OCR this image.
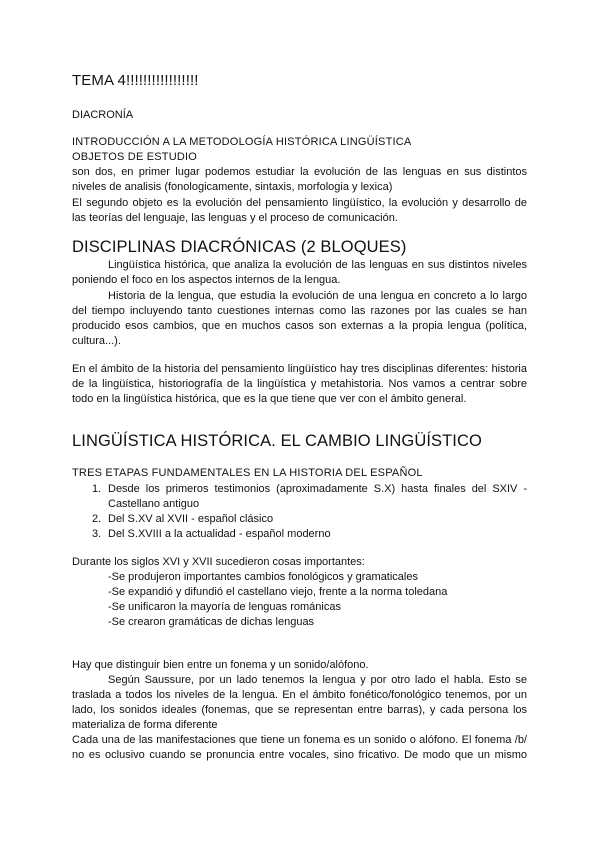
TEMA 4!!!!!!!!!!!!!!!!!
DIACRONÍA
INTRODUCCIÓN A LA METODOLOGÍA HISTÓRICA LINGÜÍSTICA
OBJETOS DE ESTUDIO
son dos, en primer lugar podemos estudiar la evolución de las lenguas en sus distintos
niveles de analisis (fonologicamente, sintaxis, morfologia y lexica)
El segundo objeto es la evolución del pensamiento lingüístico, la evolución y desarrollo de
las teorías del lenguaje, las lenguas y el proceso de comunicación.
DISCIPLINAS DIACRÓNICAS (2 BLOQUES)
Lingüística histórica, que analiza la evolución de las lenguas en sus distintos niveles
poniendo el foco en los aspectos internos de la lengua.
Historia de la lengua, que estudia la evolución de una lengua en concreto a lo largo
del tiempo incluyendo tanto cuestiones internas como las razones por las cuales se han
producido esos cambios, que en muchos casos son externas a la propia lengua (política,
cultura...).
En el ámbito de la historia del pensamiento lingüístico hay tres disciplinas diferentes: historia
de la lingüística, historiografía de la lingüística y metahistoria. Nos vamos a centrar sobre
todo en la lingüística histórica, que es la que tiene que ver con el ámbito general.
LINGÜÍSTICA HISTÓRICA. EL CAMBIO LINGÜÍSTICO
TRES ETAPAS FUNDAMENTALES EN LA HISTORIA DEL ESPAÑOL
1. Desde los primeros testimonios (aproximadamente S.X) hasta finales del SXIV -
Castellano antiguo
2. Del S.XV al XVII - español clásico
3. Del S.XVIII a la actualidad - español moderno
Durante los siglos XVI y XVII sucedieron cosas importantes:
-Se produjeron importantes cambios fonológicos y gramaticales
-Se expandió y difundió el castellano viejo, frente a la norma toledana
-Se unificaron la mayoría de lenguas románicas
-Se crearon gramáticas de dichas lenguas
Hay que distinguir bien entre un fonema y un sonido/alófono.
Según Saussure, por un lado tenemos la lengua y por otro lado el habla. Esto se
traslada a todos los niveles de la lengua. En el ámbito fonético/fonológico tenemos, por un
lado, los sonidos ideales (fonemas, que se representan entre barras), y cada persona los
materializa de forma diferente
Cada una de las manifestaciones que tiene un fonema es un sonido o alófono. El fonema /b/
no es oclusivo cuando se pronuncia entre vocales, sino fricativo. De modo que un mismo
